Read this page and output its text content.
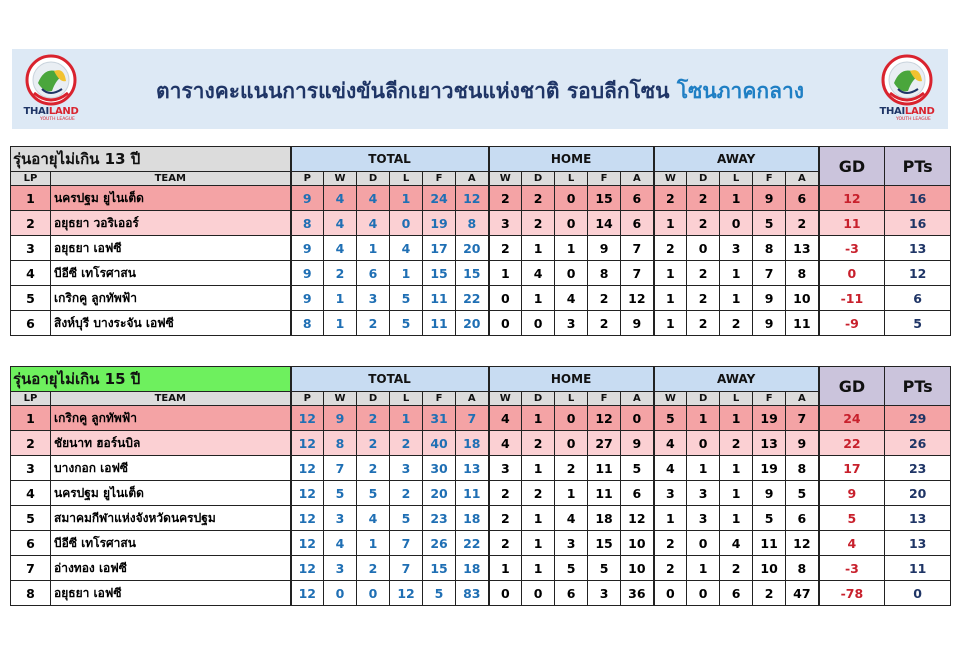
THAILAND
YOUTH LEAGUE
ตารางคะแนนการแข่งขันลีกเยาวชนแห่งชาติ รอบลีกโซน โซนภาคกลาง
THAILAND
YOUTH LEAGUE
รุ่นอายุไม่เกิน 13 ปี		TOTAL						HOME					AWAY					GD	PTs
LP	TEAM	P	W	D	L	F	A	W	D	L	F	A	W	D	L	F	A		
1	นครปฐม ยูไนเต็ด	9	4	4	1	24	12	2	2	0	15	6	2	2	1	9	6	12	16
2	อยุธยา วอริเออร์	8	4	4	0	19	8	3	2	0	14	6	1	2	0	5	2	11	16
3	อยุธยา เอฟซี	9	4	1	4	17	20	2	1	1	9	7	2	0	3	8	13	-3	13
4	บีอีซี เทโรศาสน	9	2	6	1	15	15	1	4	0	8	7	1	2	1	7	8	0	12
5	เกริกคู ลูกทัพฟ้า	9	1	3	5	11	22	0	1	4	2	12	1	2	1	9	10	-11	6
6	สิงห์บุรี บางระจัน เอฟซี	8	1	2	5	11	20	0	0	3	2	9	1	2	2	9	11	-9	5
รุ่นอายุไม่เกิน 15 ปี		TOTAL						HOME					AWAY					GD	PTs
LP	TEAM	P	W	D	L	F	A	W	D	L	F	A	W	D	L	F	A		
1	เกริกคู ลูกทัพฟ้า	12	9	2	1	31	7	4	1	0	12	0	5	1	1	19	7	24	29
2	ชัยนาท ฮอร์นบิล	12	8	2	2	40	18	4	2	0	27	9	4	0	2	13	9	22	26
3	บางกอก เอฟซี	12	7	2	3	30	13	3	1	2	11	5	4	1	1	19	8	17	23
4	นครปฐม ยูไนเต็ด	12	5	5	2	20	11	2	2	1	11	6	3	3	1	9	5	9	20
5	สมาคมกีฬาแห่งจังหวัดนครปฐม	12	3	4	5	23	18	2	1	4	18	12	1	3	1	5	6	5	13
6	บีอีซี เทโรศาสน	12	4	1	7	26	22	2	1	3	15	10	2	0	4	11	12	4	13
7	อ่างทอง เอฟซี	12	3	2	7	15	18	1	1	5	5	10	2	1	2	10	8	-3	11
8	อยุธยา เอฟซี	12	0	0	12	5	83	0	0	6	3	36	0	0	6	2	47	-78	0
